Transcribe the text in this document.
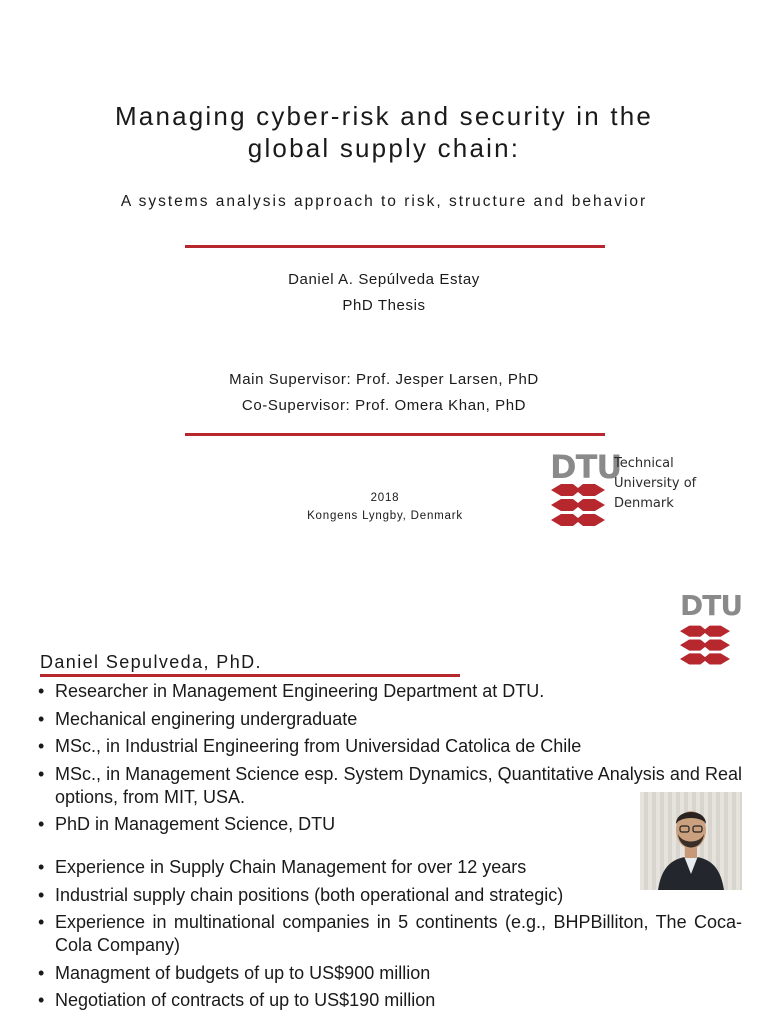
Managing cyber-risk and security in the
global supply chain:
A systems analysis approach to risk, structure and behavior
Daniel A. Sepúlveda Estay
PhD Thesis
Main Supervisor: Prof. Jesper Larsen, PhD
Co-Supervisor: Prof. Omera Khan, PhD
2018
Kongens Lyngby, Denmark
DTU
Technical
University of
Denmark
DTU
Daniel Sepulveda, PhD.
• Researcher in Management Engineering Department at DTU.
• Mechanical enginering undergraduate
• MSc., in Industrial Engineering from Universidad Catolica de Chile
• MSc., in Management Science esp. System Dynamics, Quantitative Analysis and Real options, from MIT, USA.
• PhD in Management Science, DTU
• Experience in Supply Chain Management for over 12 years
• Industrial supply chain positions (both operational and strategic)
• Experience in multinational companies in 5 continents (e.g., BHPBilliton, The Coca-Cola Company)
• Managment of budgets of up to US$900 million
• Negotiation of contracts of up to US$190 million
